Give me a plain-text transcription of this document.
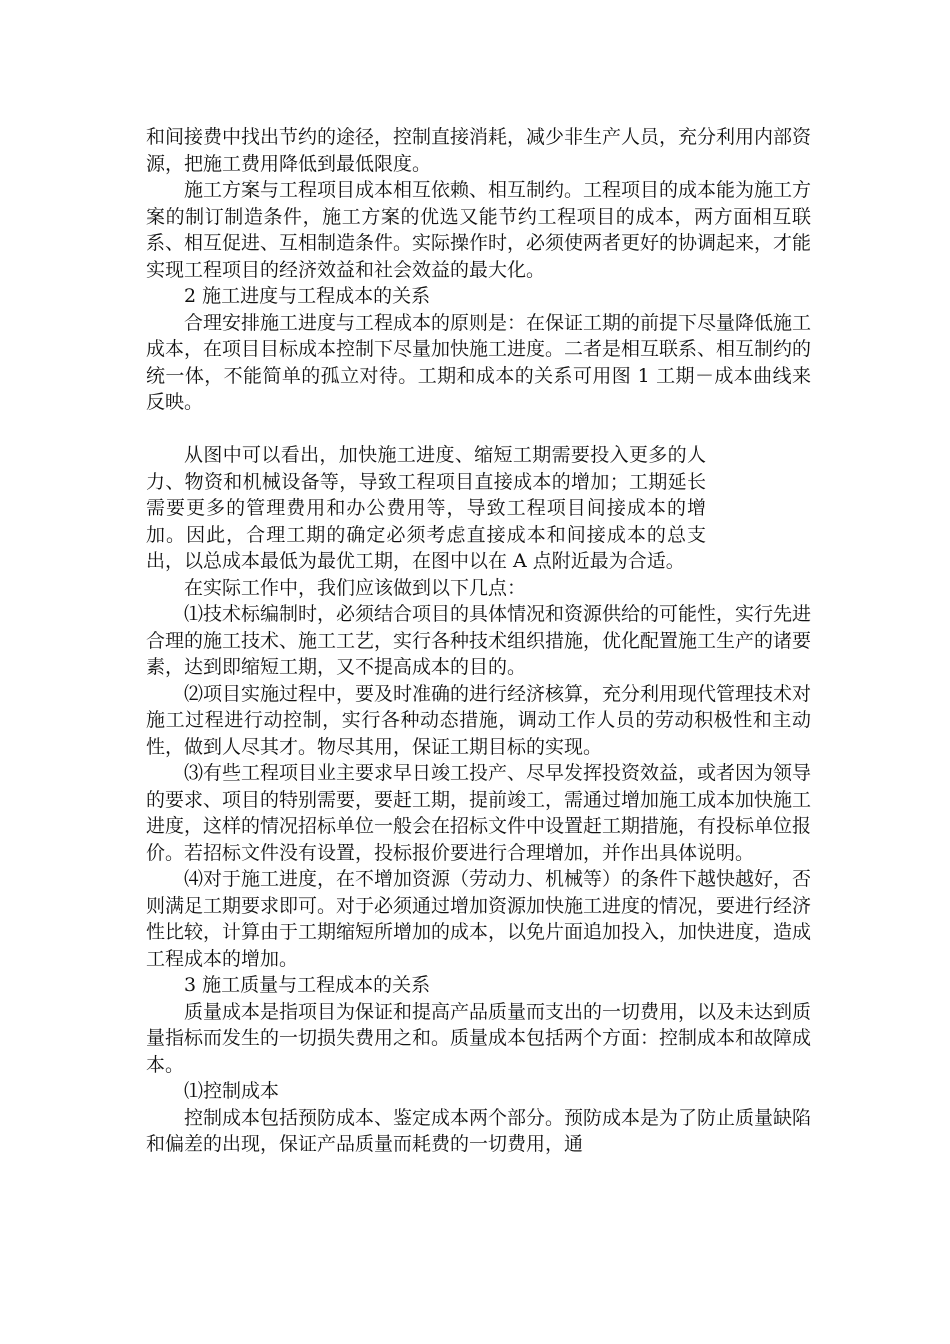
和间接费中找出节约的途径，控制直接消耗，减少非生产人员，充分利用内部资源，把施工费用降低到最低限度。

施工方案与工程项目成本相互依赖、相互制约。工程项目的成本能为施工方案的制订制造条件，施工方案的优选又能节约工程项目的成本，两方面相互联系、相互促进、互相制造条件。实际操作时，必须使两者更好的协调起来，才能实现工程项目的经济效益和社会效益的最大化。

2 施工进度与工程成本的关系

合理安排施工进度与工程成本的原则是：在保证工期的前提下尽量降低施工成本，在项目目标成本控制下尽量加快施工进度。二者是相互联系、相互制约的统一体，不能简单的孤立对待。工期和成本的关系可用图 1 工期－成本曲线来反映。

从图中可以看出，加快施工进度、缩短工期需要投入更多的人力、物资和机械设备等，导致工程项目直接成本的增加；工期延长需要更多的管理费用和办公费用等，导致工程项目间接成本的增加。因此，合理工期的确定必须考虑直接成本和间接成本的总支出，以总成本最低为最优工期，在图中以在 A 点附近最为合适。

在实际工作中，我们应该做到以下几点：

⑴技术标编制时，必须结合项目的具体情况和资源供给的可能性，实行先进合理的施工技术、施工工艺，实行各种技术组织措施，优化配置施工生产的诸要素，达到即缩短工期，又不提高成本的目的。

⑵项目实施过程中，要及时准确的进行经济核算，充分利用现代管理技术对施工过程进行动控制，实行各种动态措施，调动工作人员的劳动积极性和主动性，做到人尽其才。物尽其用，保证工期目标的实现。

⑶有些工程项目业主要求早日竣工投产、尽早发挥投资效益，或者因为领导的要求、项目的特别需要，要赶工期，提前竣工，需通过增加施工成本加快施工进度，这样的情况招标单位一般会在招标文件中设置赶工期措施，有投标单位报价。若招标文件没有设置，投标报价要进行合理增加，并作出具体说明。

⑷对于施工进度，在不增加资源（劳动力、机械等）的条件下越快越好，否则满足工期要求即可。对于必须通过增加资源加快施工进度的情况，要进行经济性比较，计算由于工期缩短所增加的成本，以免片面追加投入，加快进度，造成工程成本的增加。

3 施工质量与工程成本的关系

质量成本是指项目为保证和提高产品质量而支出的一切费用，以及未达到质量指标而发生的一切损失费用之和。质量成本包括两个方面：控制成本和故障成本。

⑴控制成本

控制成本包括预防成本、鉴定成本两个部分。预防成本是为了防止质量缺陷和偏差的出现，保证产品质量而耗费的一切费用，通
